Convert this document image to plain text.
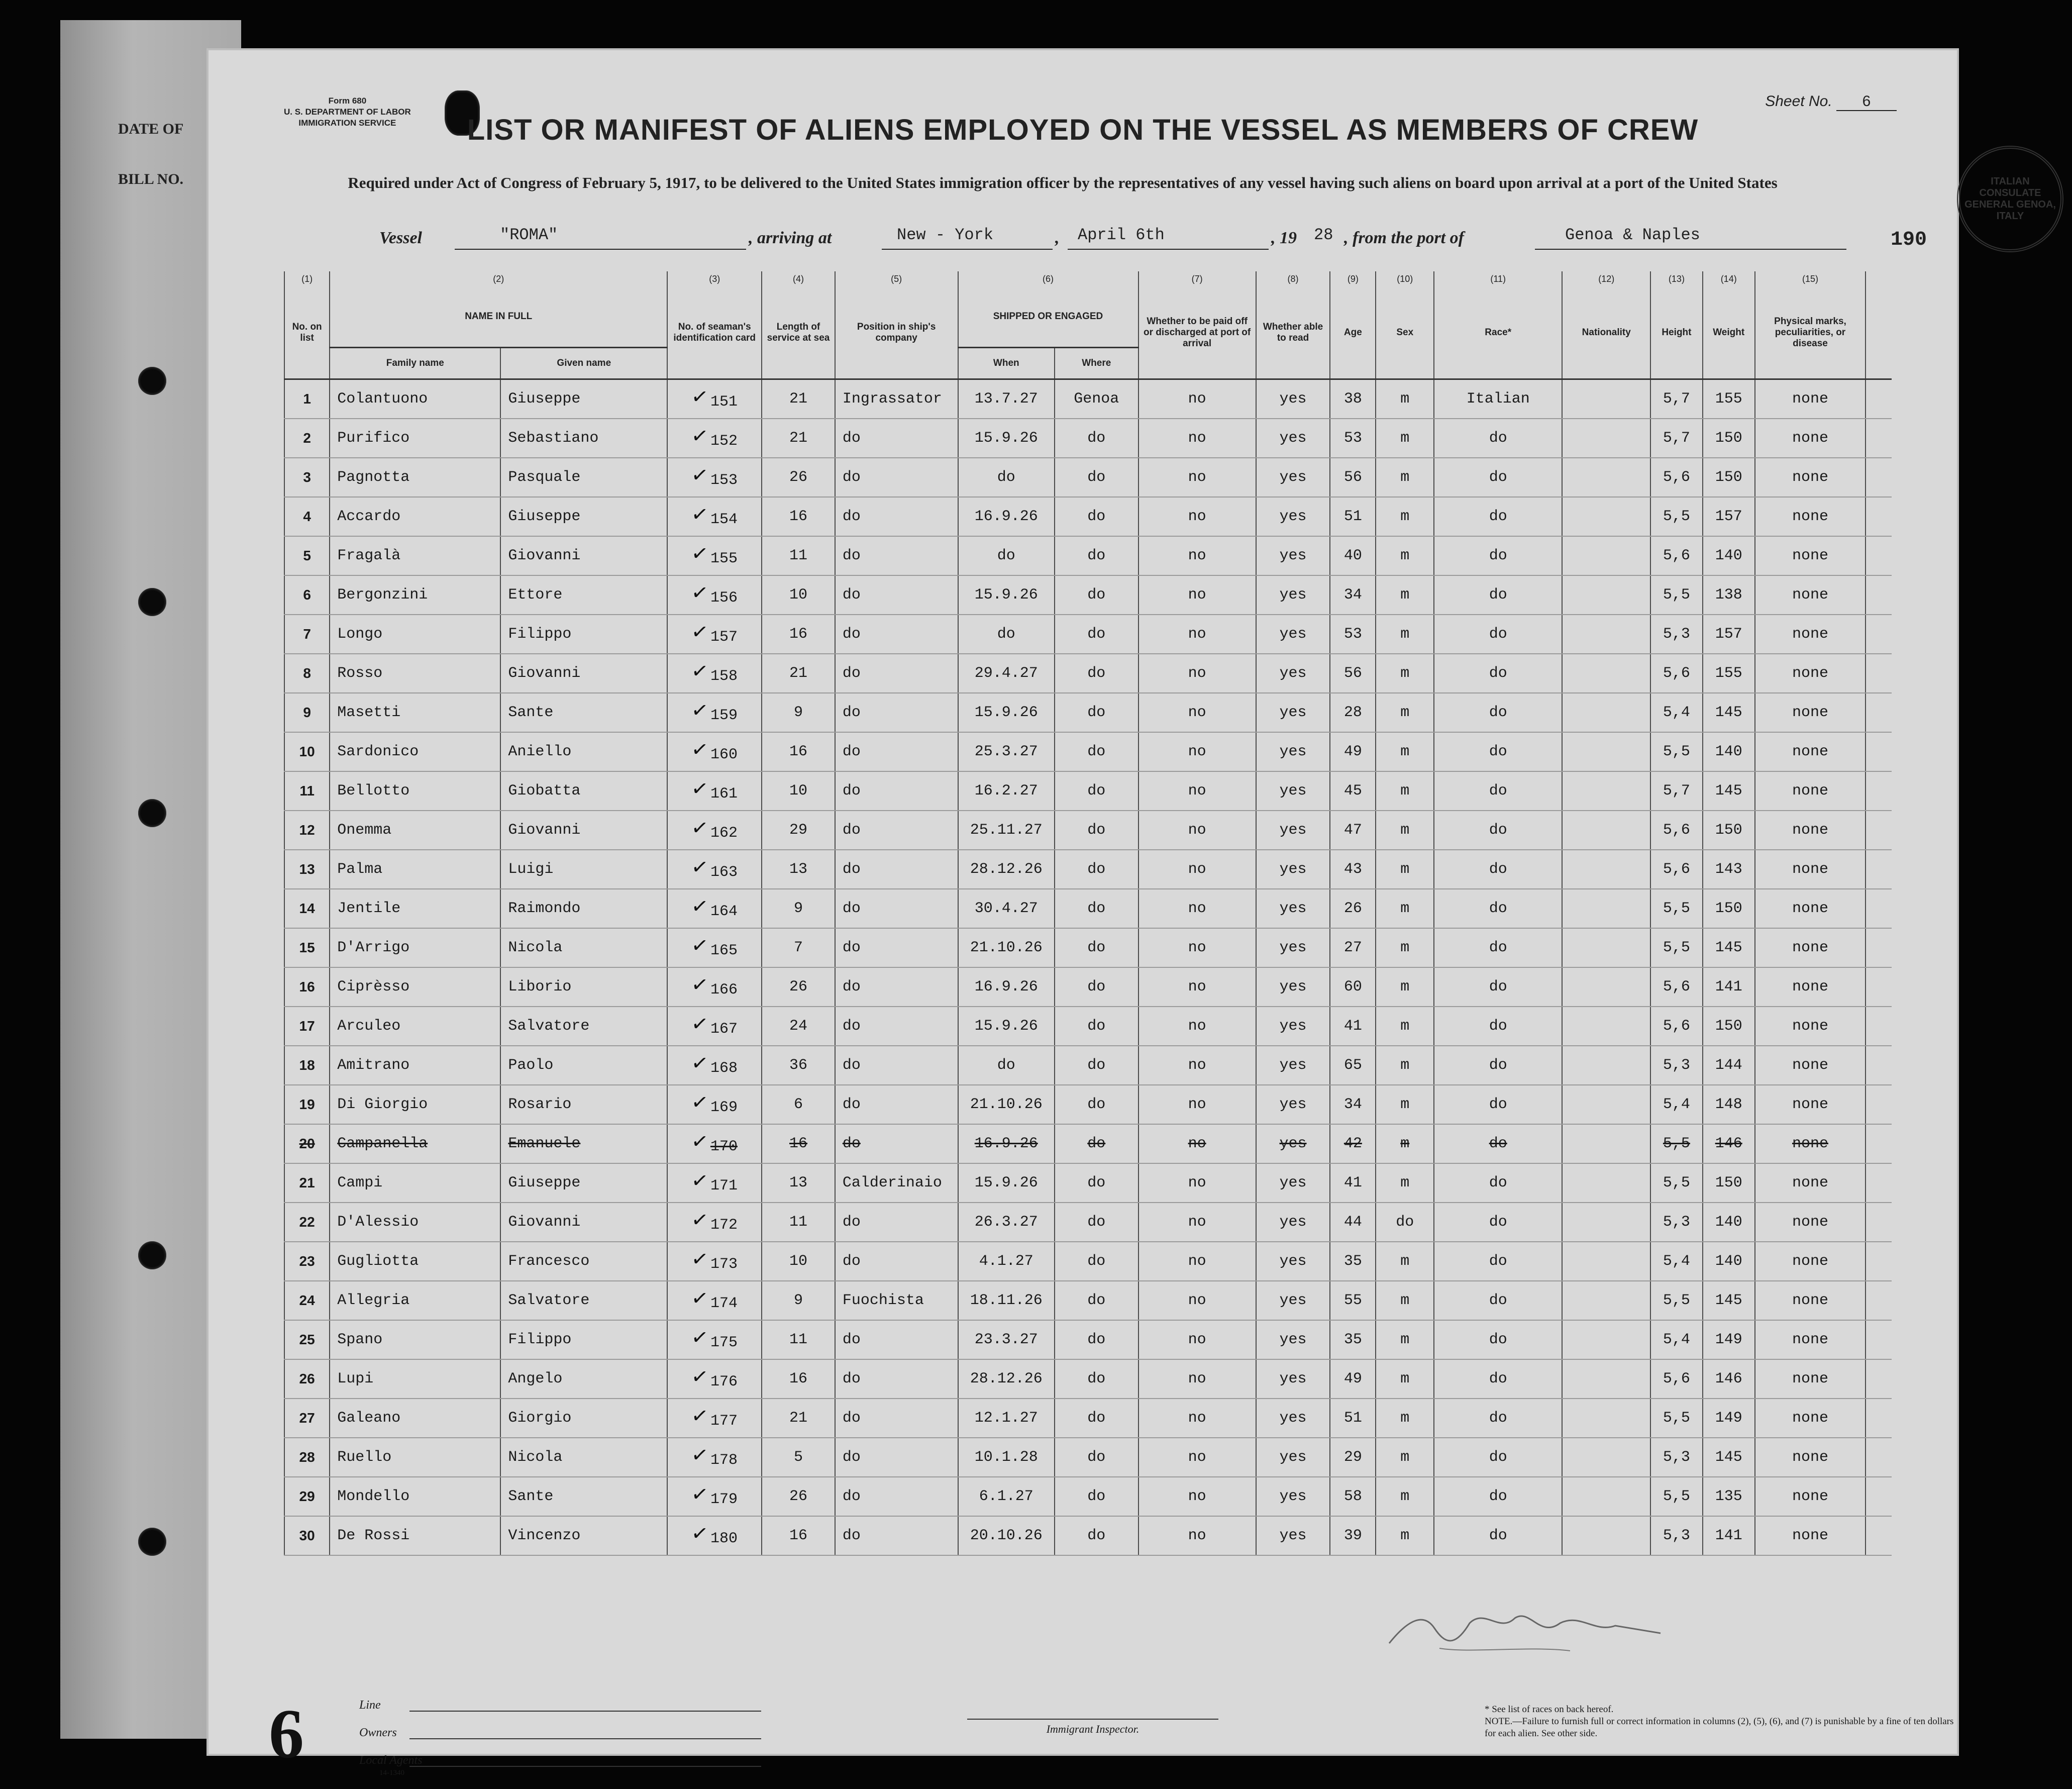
DATE OF
BILL NO.
Form 680
U. S. DEPARTMENT OF LABOR
IMMIGRATION SERVICE
Sheet No. 6
LIST OR MANIFEST OF ALIENS EMPLOYED ON THE VESSEL AS MEMBERS OF CREW
Required under Act of Congress of February 5, 1917, to be delivered to the United States immigration officer by the representatives of any vessel having such aliens on board upon arrival at a port of the United States	ITALIAN CONSULATE GENERAL GENOA, ITALY
Vessel	"ROMA"	, arriving at	New - York	, April 6th	, 19 28 , from the port of	Genoa & Naples	190
(1)	(2)		(3)	(4)	(5)	(6)		(7)	(8)	(9)	(10)	(11)	(12)	(13)	(14)	(15)	
No. on list	NAME IN FULL		No. of seaman's identification card	Length of service at sea	Position in ship's company	SHIPPED OR ENGAGED		Whether to be paid off or discharged at port of arrival	Whether able to read	Age	Sex	Race*	Nationality	Height	Weight	Physical marks, peculiarities, or disease	
	Family name	Given name				When	Where										
1	Colantuono	Giuseppe	✓151	21	Ingrassator	13.7.27	Genoa	no	yes	38	m	Italian		5,7	155	none	
2	Purifico	Sebastiano	✓152	21	do	15.9.26	do	no	yes	53	m	do		5,7	150	none	
3	Pagnotta	Pasquale	✓153	26	do	do	do	no	yes	56	m	do		5,6	150	none	
4	Accardo	Giuseppe	✓154	16	do	16.9.26	do	no	yes	51	m	do		5,5	157	none	
5	Fragalà	Giovanni	✓155	11	do	do	do	no	yes	40	m	do		5,6	140	none	
6	Bergonzini	Ettore	✓156	10	do	15.9.26	do	no	yes	34	m	do		5,5	138	none	
7	Longo	Filippo	✓157	16	do	do	do	no	yes	53	m	do		5,3	157	none	
8	Rosso	Giovanni	✓158	21	do	29.4.27	do	no	yes	56	m	do		5,6	155	none	
9	Masetti	Sante	✓159	9	do	15.9.26	do	no	yes	28	m	do		5,4	145	none	
10	Sardonico	Aniello	✓160	16	do	25.3.27	do	no	yes	49	m	do		5,5	140	none	
11	Bellotto	Giobatta	✓161	10	do	16.2.27	do	no	yes	45	m	do		5,7	145	none	
12	Onemma	Giovanni	✓162	29	do	25.11.27	do	no	yes	47	m	do		5,6	150	none	
13	Palma	Luigi	✓163	13	do	28.12.26	do	no	yes	43	m	do		5,6	143	none	
14	Jentile	Raimondo	✓164	9	do	30.4.27	do	no	yes	26	m	do		5,5	150	none	
15	D'Arrigo	Nicola	✓165	7	do	21.10.26	do	no	yes	27	m	do		5,5	145	none	
16	Ciprèsso	Liborio	✓166	26	do	16.9.26	do	no	yes	60	m	do		5,6	141	none	
17	Arculeo	Salvatore	✓167	24	do	15.9.26	do	no	yes	41	m	do		5,6	150	none	
18	Amitrano	Paolo	✓168	36	do	do	do	no	yes	65	m	do		5,3	144	none	
19	Di Giorgio	Rosario	✓169	6	do	21.10.26	do	no	yes	34	m	do		5,4	148	none	
20	Campanella	Emanuele	✓170	16	do	16.9.26	do	no	yes	42	m	do		5,5	146	none	
21	Campi	Giuseppe	✓171	13	Calderinaio	15.9.26	do	no	yes	41	m	do		5,5	150	none	
22	D'Alessio	Giovanni	✓172	11	do	26.3.27	do	no	yes	44	do	do		5,3	140	none	
23	Gugliotta	Francesco	✓173	10	do	4.1.27	do	no	yes	35	m	do		5,4	140	none	
24	Allegria	Salvatore	✓174	9	Fuochista	18.11.26	do	no	yes	55	m	do		5,5	145	none	
25	Spano	Filippo	✓175	11	do	23.3.27	do	no	yes	35	m	do		5,4	149	none	
26	Lupi	Angelo	✓176	16	do	28.12.26	do	no	yes	49	m	do		5,6	146	none	
27	Galeano	Giorgio	✓177	21	do	12.1.27	do	no	yes	51	m	do		5,5	149	none	
28	Ruello	Nicola	✓178	5	do	10.1.28	do	no	yes	29	m	do		5,3	145	none	
29	Mondello	Sante	✓179	26	do	6.1.27	do	no	yes	58	m	do		5,5	135	none	
30	De Rossi	Vincenzo	✓180	16	do	20.10.26	do	no	yes	39	m	do		5,3	141	none	
6	Line
Owners
Local Agents
14-1340
Immigrant Inspector.
* See list of races on back hereof.
NOTE.—Failure to furnish full or correct information in columns (2), (5), (6), and (7) is punishable by a fine of ten dollars for each alien. See other side.
